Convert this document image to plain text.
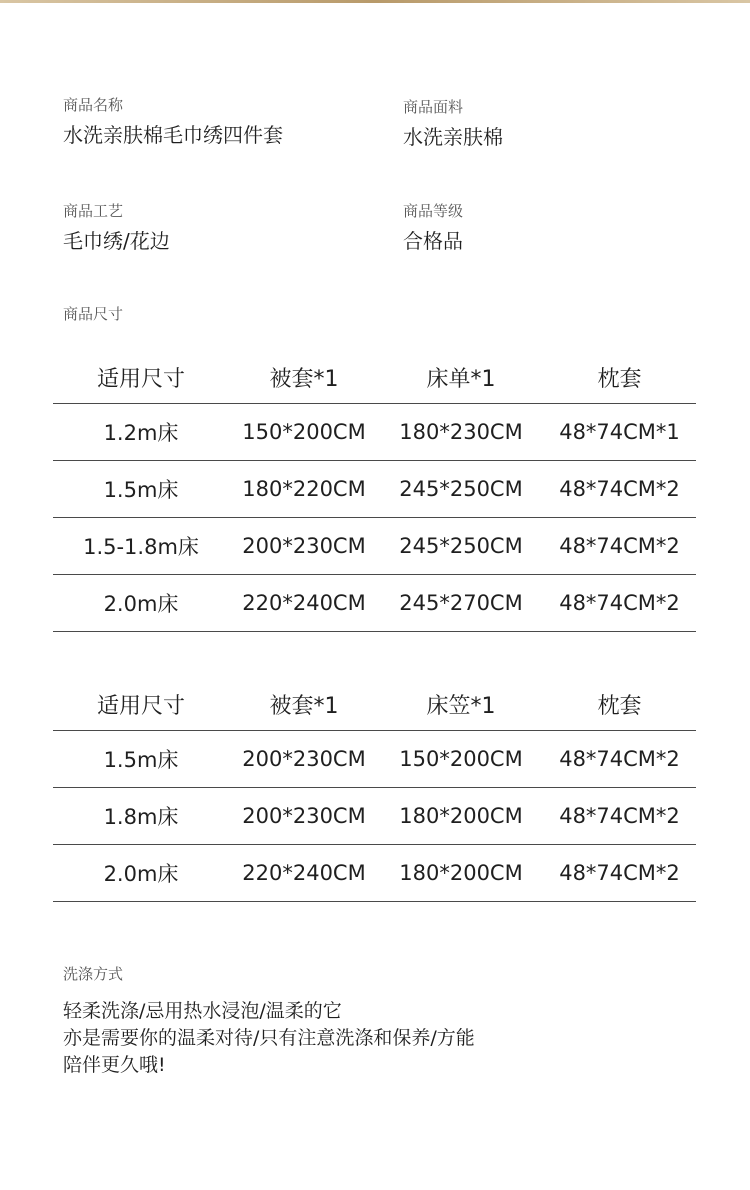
商品名称
水洗亲肤棉毛巾绣四件套
商品面料
水洗亲肤棉
商品工艺
毛巾绣/花边
商品等级
合格品
商品尺寸
适用尺寸	被套*1	床单*1	枕套
1.2m床	150*200CM	180*230CM	48*74CM*1
1.5m床	180*220CM	245*250CM	48*74CM*2
1.5-1.8m床	200*230CM	245*250CM	48*74CM*2
2.0m床	220*240CM	245*270CM	48*74CM*2
适用尺寸	被套*1	床笠*1	枕套
1.5m床	200*230CM	150*200CM	48*74CM*2
1.8m床	200*230CM	180*200CM	48*74CM*2
2.0m床	220*240CM	180*200CM	48*74CM*2
洗涤方式
轻柔洗涤/忌用热水浸泡/温柔的它
亦是需要你的温柔对待/只有注意洗涤和保养/方能
陪伴更久哦!
